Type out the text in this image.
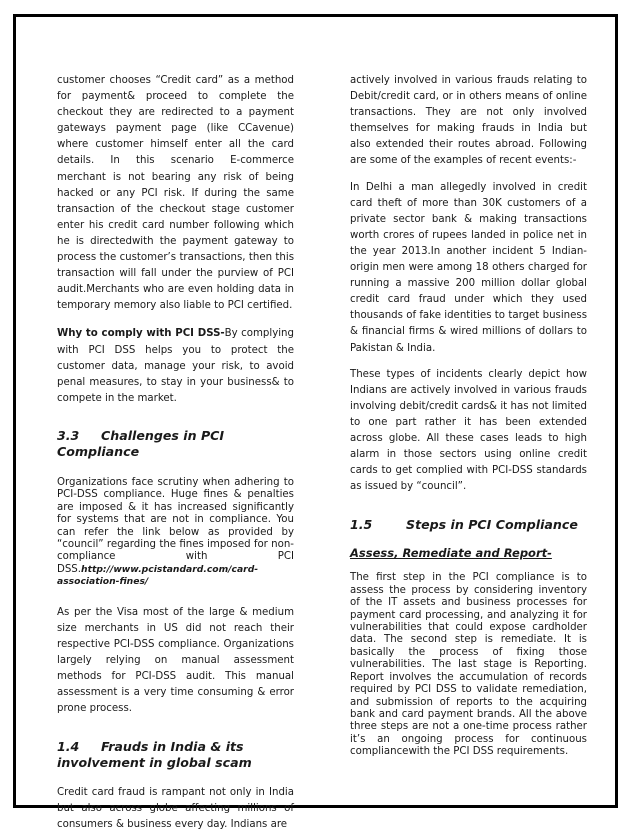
customer chooses “Credit card” as a method for payment& proceed to complete the checkout they are redirected to a payment gateways payment page (like CCavenue) where customer himself enter all the card details. In this scenario E-commerce merchant is not bearing any risk of being hacked or any PCI risk. If during the same transaction of the checkout stage customer enter his credit card number following which he is directedwith the payment gateway to process the customer’s transactions, then this transaction will fall under the purview of PCI audit.Merchants who are even holding data in temporary memory also liable to PCI certified.

Why to comply with PCI DSS-By complying with PCI DSS helps you to protect the customer data, manage your risk, to avoid penal measures, to stay in your business& to compete in the market.

3.3 Challenges in PCI Compliance

Organizations face scrutiny when adhering to PCI-DSS compliance. Huge fines & penalties are imposed & it has increased significantly for systems that are not in compliance. You can refer the link below as provided by “council” regarding the fines imposed for non-compliance with PCI DSS.http://www.pcistandard.com/card-association-fines/

As per the Visa most of the large & medium size merchants in US did not reach their respective PCI-DSS compliance. Organizations largely relying on manual assessment methods for PCI-DSS audit. This manual assessment is a very time consuming & error prone process.

1.4 Frauds in India & its involvement in global scam

Credit card fraud is rampant not only in India but also across globe affecting millions of consumers & business every day. Indians are

actively involved in various frauds relating to Debit/credit card, or in others means of online transactions. They are not only involved themselves for making frauds in India but also extended their routes abroad. Following are some of the examples of recent events:-

In Delhi a man allegedly involved in credit card theft of more than 30K customers of a private sector bank & making transactions worth crores of rupees landed in police net in the year 2013.In another incident 5 Indian-origin men were among 18 others charged for running a massive 200 million dollar global credit card fraud under which they used thousands of fake identities to target business & financial firms & wired millions of dollars to Pakistan & India.

These types of incidents clearly depict how Indians are actively involved in various frauds involving debit/credit cards& it has not limited to one part rather it has been extended across globe. All these cases leads to high alarm in those sectors using online credit cards to get complied with PCI-DSS standards as issued by “council”.

1.5	Steps in PCI Compliance

Assess, Remediate and Report-

The first step in the PCI compliance is to assess the process by considering inventory of the IT assets and business processes for payment card processing, and analyzing it for vulnerabilities that could expose cardholder data. The second step is remediate. It is basically the process of fixing those vulnerabilities. The last stage is Reporting. Report involves the accumulation of records required by PCI DSS to validate remediation, and submission of reports to the acquiring bank and card payment brands. All the above three steps are not a one-time process rather it’s an ongoing process for continuous compliancewith the PCI DSS requirements.
